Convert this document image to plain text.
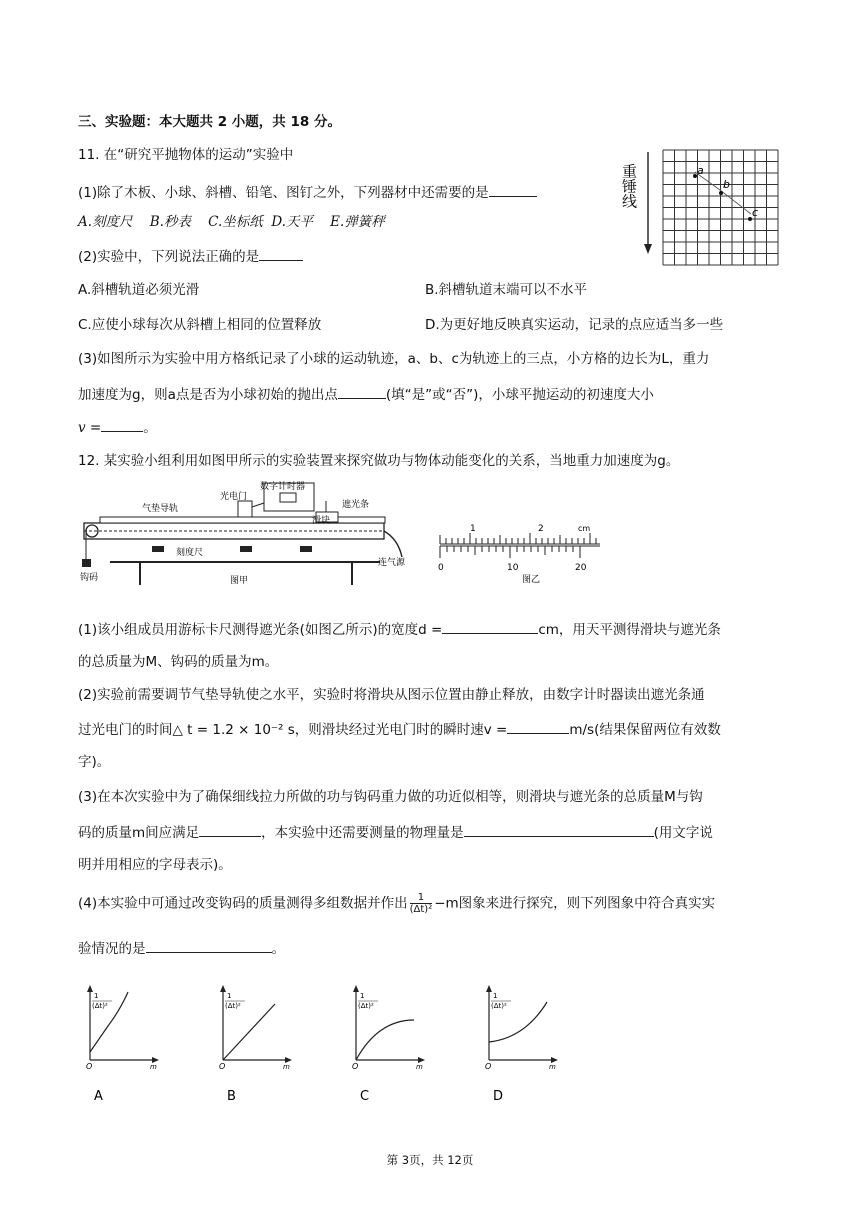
三、实验题：本大题共 2 小题，共 18 分。
11. 在“研究平抛物体的运动”实验中
(1)除了木板、小球、斜槽、铅笔、图钉之外，下列器材中还需要的是
A.刻度尺 B.秒表 C.坐标纸 D.天平 E.弹簧秤
(2)实验中，下列说法正确的是
A.斜槽轨道必须光滑	B.斜槽轨道末端可以不水平
C.应使小球每次从斜槽上相同的位置释放	D.为更好地反映真实运动，记录的点应适当多一些
(3)如图所示为实验中用方格纸记录了小球的运动轨迹，a、b、c为轨迹上的三点，小方格的边长为L，重力
加速度为g，则a点是否为小球初始的抛出点	(填“是”或“否”)，小球平抛运动的初速度大小
v =	。
重锤线	a
b
c
12. 某实验小组利用如图甲所示的实验装置来探究做功与物体动能变化的关系，当地重力加速度为g。
光电门
数字计时器
遮光条
气垫导轨
滑块
刻度尺
钩码
连气源
图甲
1	2	cm
0	10	20
图乙
(1)该小组成员用游标卡尺测得遮光条(如图乙所示)的宽度d =	cm，用天平测得滑块与遮光条
的总质量为M、钩码的质量为m。
(2)实验前需要调节气垫导轨使之水平，实验时将滑块从图示位置由静止释放，由数字计时器读出遮光条通
过光电门的时间△ t = 1.2 × 10⁻² s，则滑块经过光电门时的瞬时速v =	m/s(结果保留两位有效数
字)。
(3)在本次实验中为了确保细线拉力所做的功与钩码重力做的功近似相等，则滑块与遮光条的总质量M与钩
码的质量m间应满足	，本实验中还需要测量的物理量是	(用文字说
明并用相应的字母表示)。
(4)本实验中可通过改变钩码的质量测得多组数据并作出 $\frac{1}{\text{(Δt)²}} -m$图象来进行探究，则下列图象中符合真实实
验情况的是	。
1
(Δt)²
O	m
A
1
(Δt)²
O	m
B
1
(Δt)²
O	m
C
1
(Δt)²
O	m
D
第 3页，共 12页
